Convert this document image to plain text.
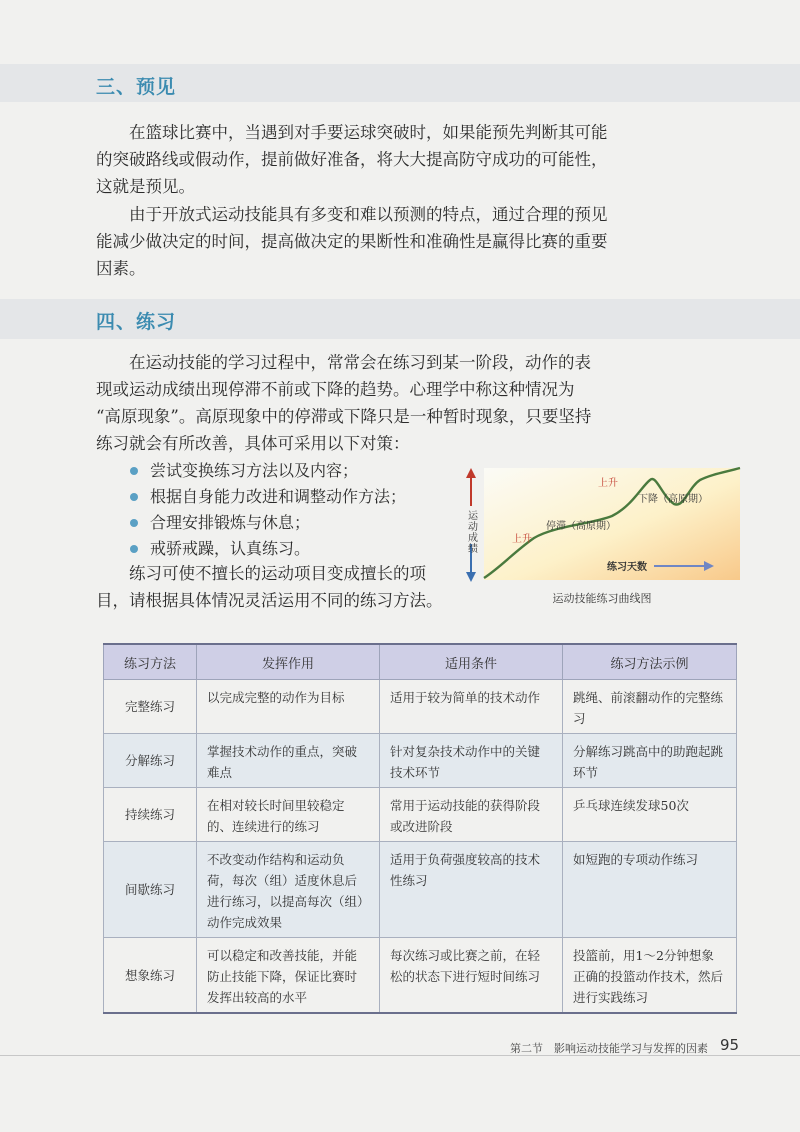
三、预见

在篮球比赛中，当遇到对手要运球突破时，如果能预先判断其可能的突破路线或假动作，提前做好准备，将大大提高防守成功的可能性，这就是预见。

由于开放式运动技能具有多变和难以预测的特点，通过合理的预见能减少做决定的时间，提高做决定的果断性和准确性是赢得比赛的重要因素。

四、练习
在运动技能的学习过程中，常常会在练习到某一阶段，动作的表
现或运动成绩出现停滞不前或下降的趋势。心理学中称这种情况为
“高原现象”。高原现象中的停滞或下降只是一种暂时现象，只要坚持
练习就会有所改善，具体可采用以下对策：
尝试变换练习方法以及内容；
根据自身能力改进和调整动作方法；
合理安排锻炼与休息；
戒骄戒躁，认真练习。

练习可使不擅长的运动项目变成擅长的项目，请根据具体情况灵活运用不同的练习方法。

运动成绩
练习天数
上升
停滞（高原期）
上升
下降（高原期）
运动技能练习曲线图
练习方法	发挥作用	适用条件	练习方法示例
完整练习	以完成完整的动作为目标	适用于较为简单的技术动作	跳绳、前滚翻动作的完整练习
分解练习	掌握技术动作的重点，突破难点	针对复杂技术动作中的关键技术环节	分解练习跳高中的助跑起跳环节
持续练习	在相对较长时间里较稳定的、连续进行的练习	常用于运动技能的获得阶段或改进阶段	乒乓球连续发球50次
间歇练习	不改变动作结构和运动负荷，每次（组）适度休息后进行练习，以提高每次（组）动作完成效果	适用于负荷强度较高的技术性练习	如短跑的专项动作练习
想象练习	可以稳定和改善技能，并能防止技能下降，保证比赛时发挥出较高的水平	每次练习或比赛之前，在轻松的状态下进行短时间练习	投篮前，用1～2分钟想象正确的投篮动作技术，然后进行实践练习
第二节　影响运动技能学习与发挥的因素 95
